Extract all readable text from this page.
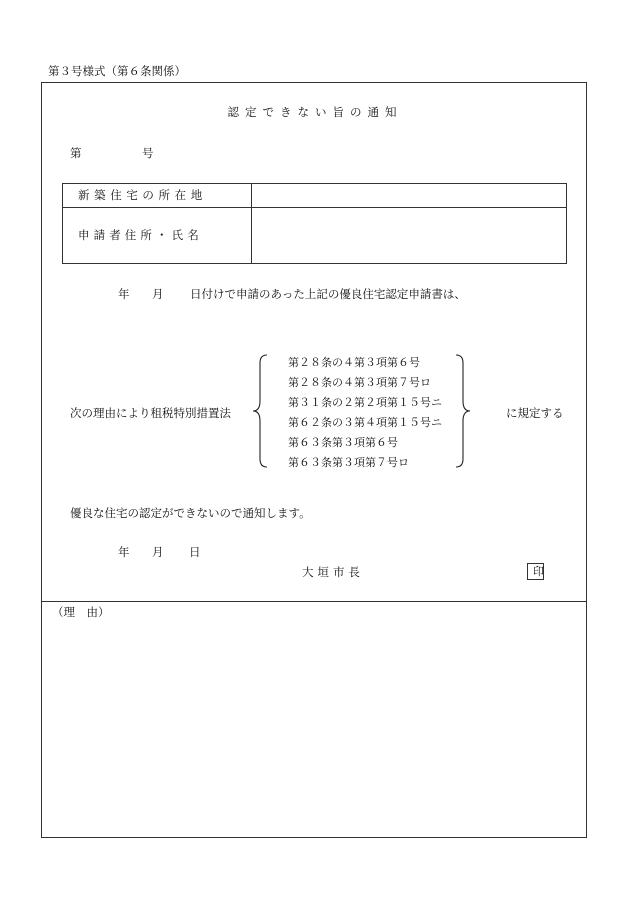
第３号様式（第６条関係）
認定できない旨の通知
第	号
新築住宅の所在地
申請者住所・氏名
年 月 日付けで申請のあった上記の優良住宅認定申請書は、
次の理由により租税特別措置法
第２８条の４第３項第６号
第２８条の４第３項第７号ロ
第３１条の２第２項第１５号ニ
第６２条の３第４項第１５号ニ
第６３条第３項第６号
第６３条第３項第７号ロ
に規定する
優良な住宅の認定ができないので通知します。
年 月 日
大垣市長	印
（理　由）
